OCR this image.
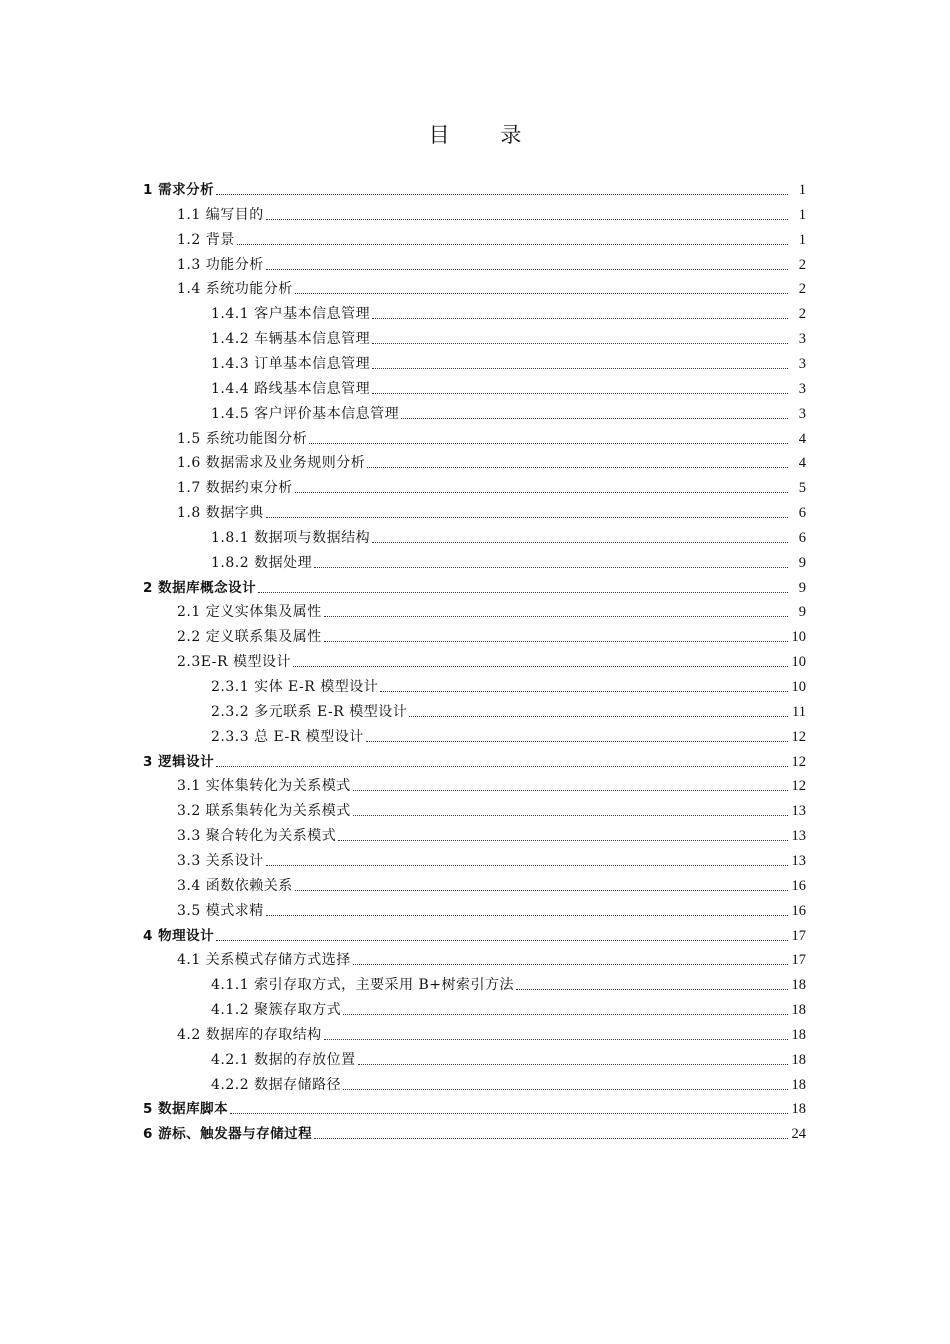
目 录
1 需求分析	1
1.1 编写目的	1
1.2 背景	1
1.3 功能分析	2
1.4 系统功能分析	2
1.4.1 客户基本信息管理	2
1.4.2 车辆基本信息管理	3
1.4.3 订单基本信息管理	3
1.4.4 路线基本信息管理	3
1.4.5 客户评价基本信息管理	3
1.5 系统功能图分析	4
1.6 数据需求及业务规则分析	4
1.7 数据约束分析	5
1.8 数据字典	6
1.8.1 数据项与数据结构	6
1.8.2 数据处理	9
2 数据库概念设计	9
2.1 定义实体集及属性	9
2.2 定义联系集及属性	10
2.3E-R 模型设计	10
2.3.1 实体 E-R 模型设计	10
2.3.2 多元联系 E-R 模型设计	11
2.3.3 总 E-R 模型设计	12
3 逻辑设计	12
3.1 实体集转化为关系模式	12
3.2 联系集转化为关系模式	13
3.3 聚合转化为关系模式	13
3.3 关系设计	13
3.4 函数依赖关系	16
3.5 模式求精	16
4 物理设计	17
4.1 关系模式存储方式选择	17
4.1.1 索引存取方式，主要采用 B+树索引方法	18
4.1.2 聚簇存取方式	18
4.2 数据库的存取结构	18
4.2.1 数据的存放位置	18
4.2.2 数据存储路径	18
5 数据库脚本	18
6 游标、触发器与存储过程	24
